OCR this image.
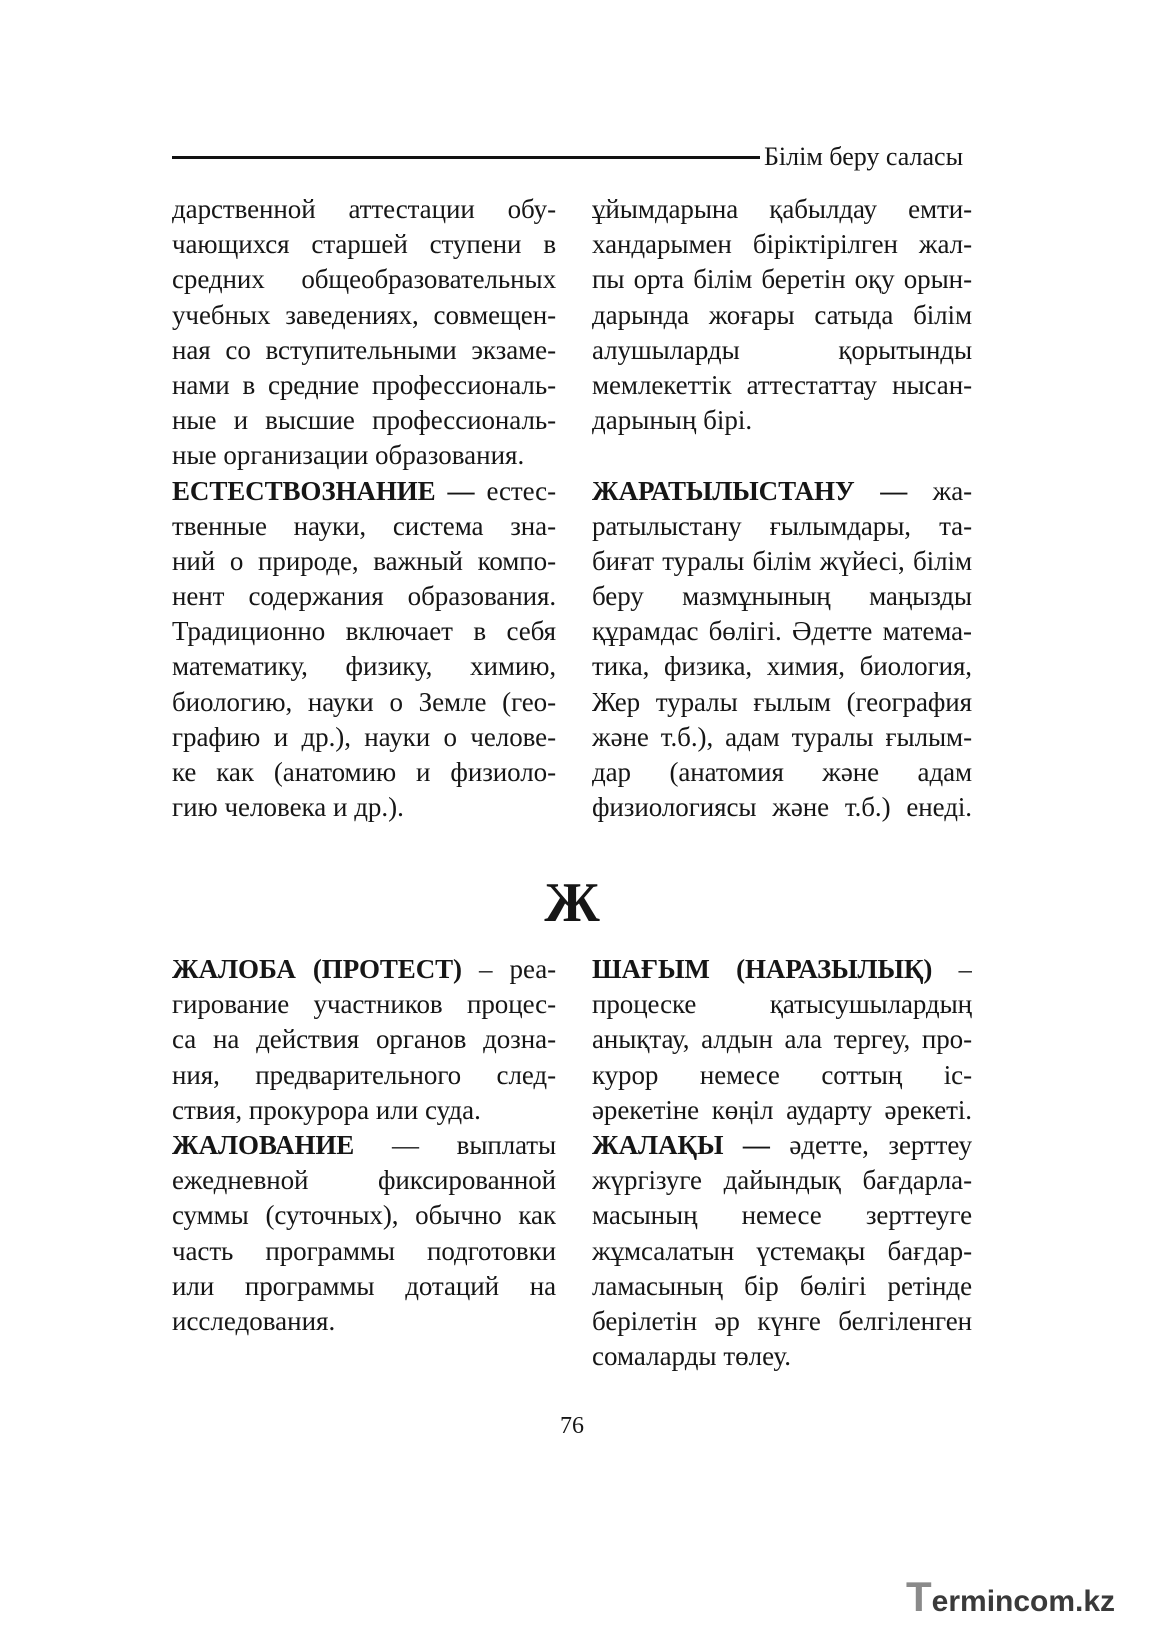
Білім беру саласы
дарственной аттестации обу-
чающихся старшей ступени в
средних общеобразовательных
учебных заведениях, совмещен-
ная со вступительными экзаме-
нами в средние профессиональ-
ные и высшие профессиональ-
ные организации образования.
ЕСТЕСТВОЗНАНИЕ — естес-
твенные науки, система зна-
ний о природе, важный компо-
нент содержания образования.
Традиционно включает в себя
математику, физику, химию,
биологию, науки о Земле (гео-
графию и др.), науки о челове-
ке как (анатомию и физиоло-
гию человека и др.).
ұйымдарына қабылдау емти-
хандарымен біріктірілген жал-
пы орта білім беретін оқу орын-
дарында жоғары сатыда білім
алушыларды қорытынды
мемлекеттік аттестаттау нысан-
дарының бірі.
ЖАРАТЫЛЫСТАНУ — жа-
ратылыстану ғылымдары, та-
биғат туралы білім жүйесі, білім
беру мазмұнының маңызды
құрамдас бөлігі. Әдетте матема-
тика, физика, химия, биология,
Жер туралы ғылым (география
және т.б.), адам туралы ғылым-
дар (анатомия және адам
физиологиясы және т.б.) енеді.
Ж
ЖАЛОБА (ПРОТЕСТ) – реа-
гирование участников процес-
са на действия органов дозна-
ния, предварительного след-
ствия, прокурора или суда.
ЖАЛОВАНИЕ — выплаты
ежедневной фиксированной
суммы (суточных), обычно как
часть программы подготовки
или программы дотаций на
исследования.
ШАҒЫМ (НАРАЗЫЛЫҚ) –
процеске қатысушылардың
анықтау, алдын ала тергеу, про-
курор немесе соттың іс-
әрекетіне көңіл аударту әрекеті.
ЖАЛАҚЫ — әдетте, зерттеу
жүргізуге дайындық бағдарла-
масының немесе зерттеуге
жұмсалатын үстемақы бағдар-
ламасының бір бөлігі ретінде
берілетін әр күнге белгіленген
сомаларды төлеу.
76
Termincom.kz
